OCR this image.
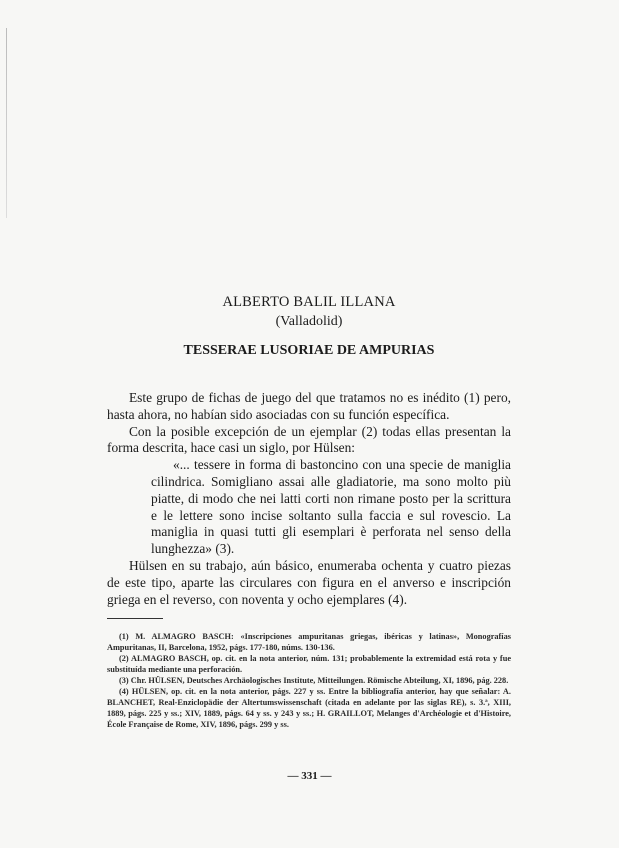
ALBERTO BALIL ILLANA

(Valladolid)

TESSERAE LUSORIAE DE AMPURIAS

Este grupo de fichas de juego del que tratamos no es inédito (1) pero, hasta ahora, no habían sido asociadas con su función específica.

Con la posible excepción de un ejemplar (2) todas ellas presentan la forma descrita, hace casi un siglo, por Hülsen:

«... tessere in forma di bastoncino con una specie de maniglia cilindrica. Somigliano assai alle gladiatorie, ma sono molto più piatte, di modo che nei latti corti non rimane posto per la scrittura e le lettere sono incise soltanto sulla faccia e sul rovescio. La maniglia in quasi tutti gli esemplari è perforata nel senso della lunghezza» (3).

Hülsen en su trabajo, aún básico, enumeraba ochenta y cuatro piezas de este tipo, aparte las circulares con figura en el anverso e inscripción griega en el reverso, con noventa y ocho ejemplares (4).

(1) M. ALMAGRO BASCH: «Inscripciones ampuritanas griegas, ibéricas y latinas», Monografías Ampuritanas, II, Barcelona, 1952, págs. 177-180, núms. 130-136.

(2) ALMAGRO BASCH, op. cit. en la nota anterior, núm. 131; probablemente la extremidad está rota y fue substituída mediante una perforación.

(3) Chr. HÜLSEN, Deutsches Archäologisches Institute, Mitteilungen. Römische Abteilung, XI, 1896, pág. 228.

(4) HÜLSEN, op. cit. en la nota anterior, págs. 227 y ss. Entre la bibliografía anterior, hay que señalar: A. BLANCHET, Real-Enziclopädie der Altertumswissenschaft (citada en adelante por las siglas RE), s. 3.ª, XIII, 1889, págs. 225 y ss.; XIV, 1889, págs. 64 y ss. y 243 y ss.; H. GRAILLOT, Melanges d'Archéologie et d'Histoire, École Française de Rome, XIV, 1896, págs. 299 y ss.

— 331 —
